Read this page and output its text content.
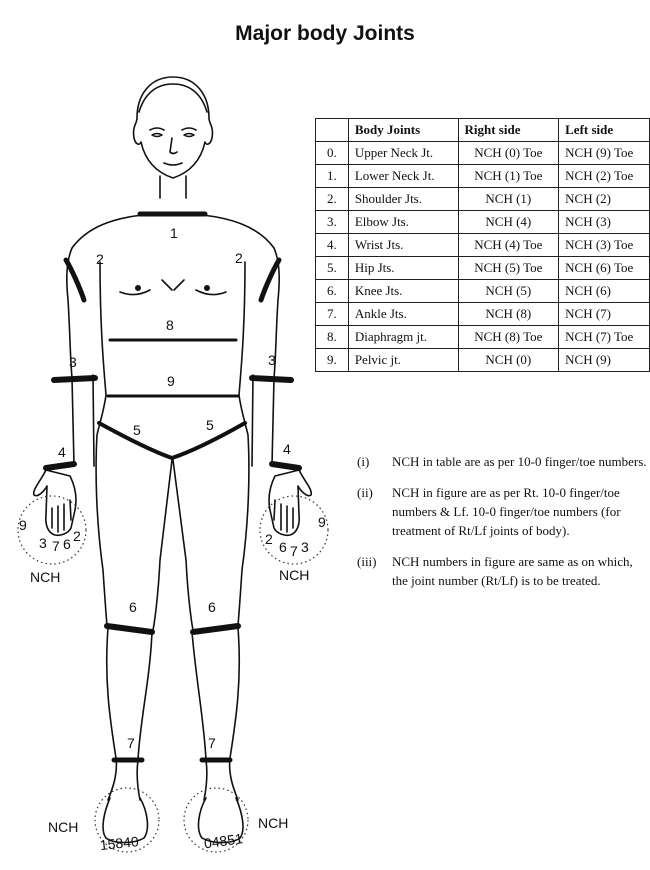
Major body Joints
1
2	2
8
3	3
9
5	5
4	4
6	6
7	7
9
3 7 6 2
NCH
2 6 7 3
9
NCH
NCH
15840	04851
NCH
	Body Joints	Right side	Left side
0.	Upper Neck Jt.	NCH (0) Toe	NCH (9) Toe
1.	Lower Neck Jt.	NCH (1) Toe	NCH (2) Toe
2.	Shoulder Jts.	NCH (1)	NCH (2)
3.	Elbow Jts.	NCH (4)	NCH (3)
4.	Wrist Jts.	NCH (4) Toe	NCH (3) Toe
5.	Hip Jts.	NCH (5) Toe	NCH (6) Toe
6.	Knee Jts.	NCH (5)	NCH (6)
7.	Ankle Jts.	NCH (8)	NCH (7)
8.	Diaphragm jt.	NCH (8) Toe	NCH (7) Toe
9.	Pelvic jt.	NCH (0)	NCH (9)
(i)	NCH in table are as per 10-0 finger/toe numbers.
(ii)	NCH in figure are as per Rt. 10-0 finger/toe numbers & Lf. 10-0 finger/toe numbers (for treatment of Rt/Lf joints of body).
(iii)	NCH numbers in figure are same as on which, the joint number (Rt/Lf) is to be treated.
